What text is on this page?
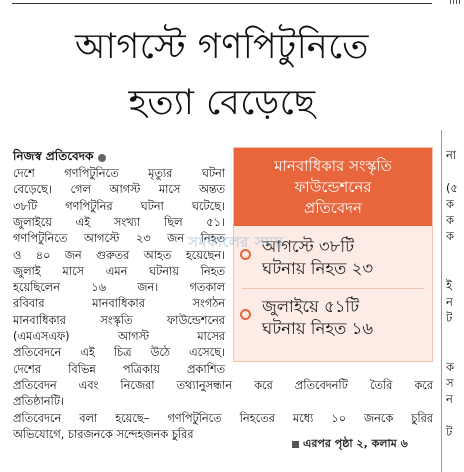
আগস্টে গণপিটুনিতে
হত্যা বেড়েছে
নিজস্ব প্রতিবেদক

দেশে গণপিটুনিতে মৃত্যুর ঘটনা

বেড়েছে। গেল আগস্ট মাসে অন্তত

৩৮টি গণপিটুনির ঘটনা ঘটেছে।

জুলাইয়ে এই সংখ্যা ছিল ৫১।

গণপিটুনিতে আগস্টে ২৩ জন নিহত

ও ৪০ জন গুরুতর আহত হয়েছেন।

জুলাই মাসে এমন ঘটনায় নিহত

হয়েছিলেন ১৬ জন। গতকাল

রবিবার মানবাধিকার সংগঠন

মানবাধিকার সংস্কৃতি ফাউন্ডেশনের

(এমএসএফ) আগস্ট মাসের

প্রতিবেদনে এই চিত্র উঠে এসেছে।

দেশের বিভিন্ন পত্রিকায় প্রকাশিত

প্রতিবেদন এবং নিজেরা তথ্যানুসন্ধান করে প্রতিবেদনটি তৈরি করে

প্রতিষ্ঠানটি।

প্রতিবেদনে বলা হয়েছে– গণপিটুনিতে নিহতের মধ্যে ১০ জনকে চুরির

অভিযোগে, চারজনকে সন্দেহজনক চুরির

মানবাধিকার সংস্কৃতি
ফাউন্ডেশনের
প্রতিবেদন
আগস্টে ৩৮টি
ঘটনায় নিহত ২৩
জুলাইয়ে ৫১টি
ঘটনায় নিহত ১৬
সমকালের সময়
এরপর পৃষ্ঠা ২, কলাম ৬
না
(৫
ক
ক
ক
ই
ন
ট
ক
স
ন
ট
